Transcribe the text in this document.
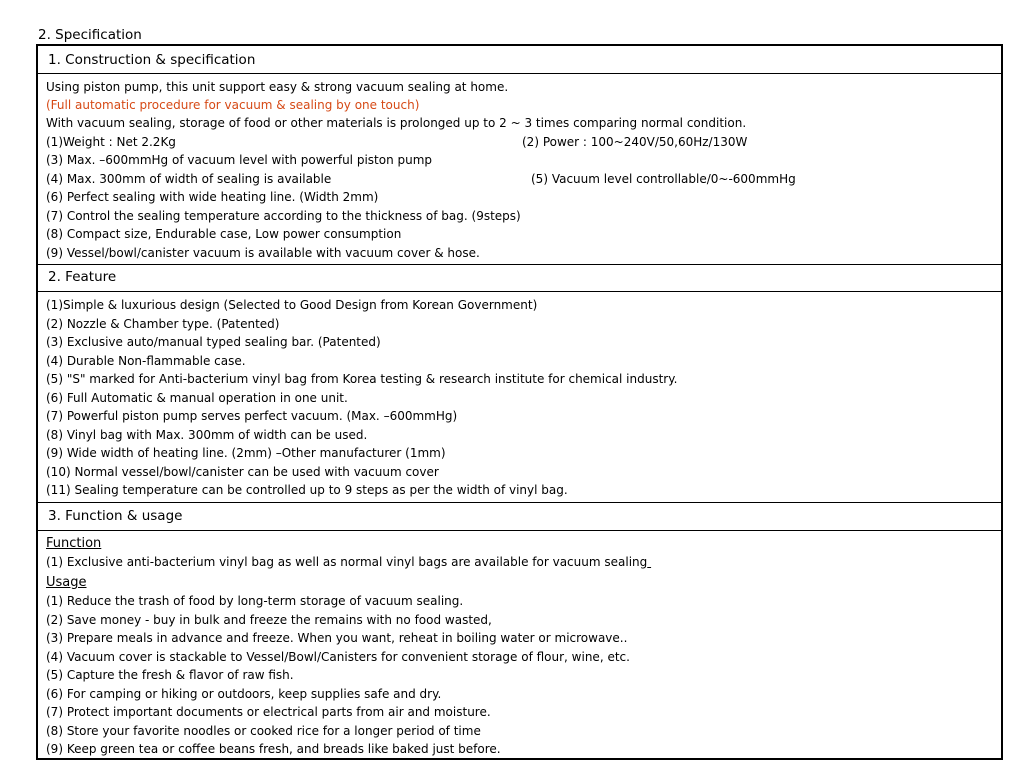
2. Specification
1. Construction & specification
Using piston pump, this unit support easy & strong vacuum sealing at home.
(Full automatic procedure for vacuum & sealing by one touch)
With vacuum sealing, storage of food or other materials is prolonged up to 2 ~ 3 times comparing normal condition.
(1)Weight : Net 2.2Kg	(2) Power : 100~240V/50,60Hz/130W
(3) Max. –600mmHg of vacuum level with powerful piston pump
(4) Max. 300mm of width of sealing is available	(5) Vacuum level controllable/0~-600mmHg
(6) Perfect sealing with wide heating line. (Width 2mm)
(7) Control the sealing temperature according to the thickness of bag. (9steps)
(8) Compact size, Endurable case, Low power consumption
(9) Vessel/bowl/canister vacuum is available with vacuum cover & hose.
2. Feature
(1)Simple & luxurious design (Selected to Good Design from Korean Government)
(2) Nozzle & Chamber type. (Patented)
(3) Exclusive auto/manual typed sealing bar. (Patented)
(4) Durable Non-flammable case.
(5) "S" marked for Anti-bacterium vinyl bag from Korea testing & research institute for chemical industry.
(6) Full Automatic & manual operation in one unit.
(7) Powerful piston pump serves perfect vacuum. (Max. –600mmHg)
(8) Vinyl bag with Max. 300mm of width can be used.
(9) Wide width of heating line. (2mm) –Other manufacturer (1mm)
(10) Normal vessel/bowl/canister can be used with vacuum cover
(11) Sealing temperature can be controlled up to 9 steps as per the width of vinyl bag.
3. Function & usage
Function
(1) Exclusive anti-bacterium vinyl bag as well as normal vinyl bags are available for vacuum sealing
Usage
(1) Reduce the trash of food by long-term storage of vacuum sealing.
(2) Save money - buy in bulk and freeze the remains with no food wasted,
(3) Prepare meals in advance and freeze. When you want, reheat in boiling water or microwave..
(4) Vacuum cover is stackable to Vessel/Bowl/Canisters for convenient storage of flour, wine, etc.
(5) Capture the fresh & flavor of raw fish.
(6) For camping or hiking or outdoors, keep supplies safe and dry.
(7) Protect important documents or electrical parts from air and moisture.
(8) Store your favorite noodles or cooked rice for a longer period of time
(9) Keep green tea or coffee beans fresh, and breads like baked just before.
